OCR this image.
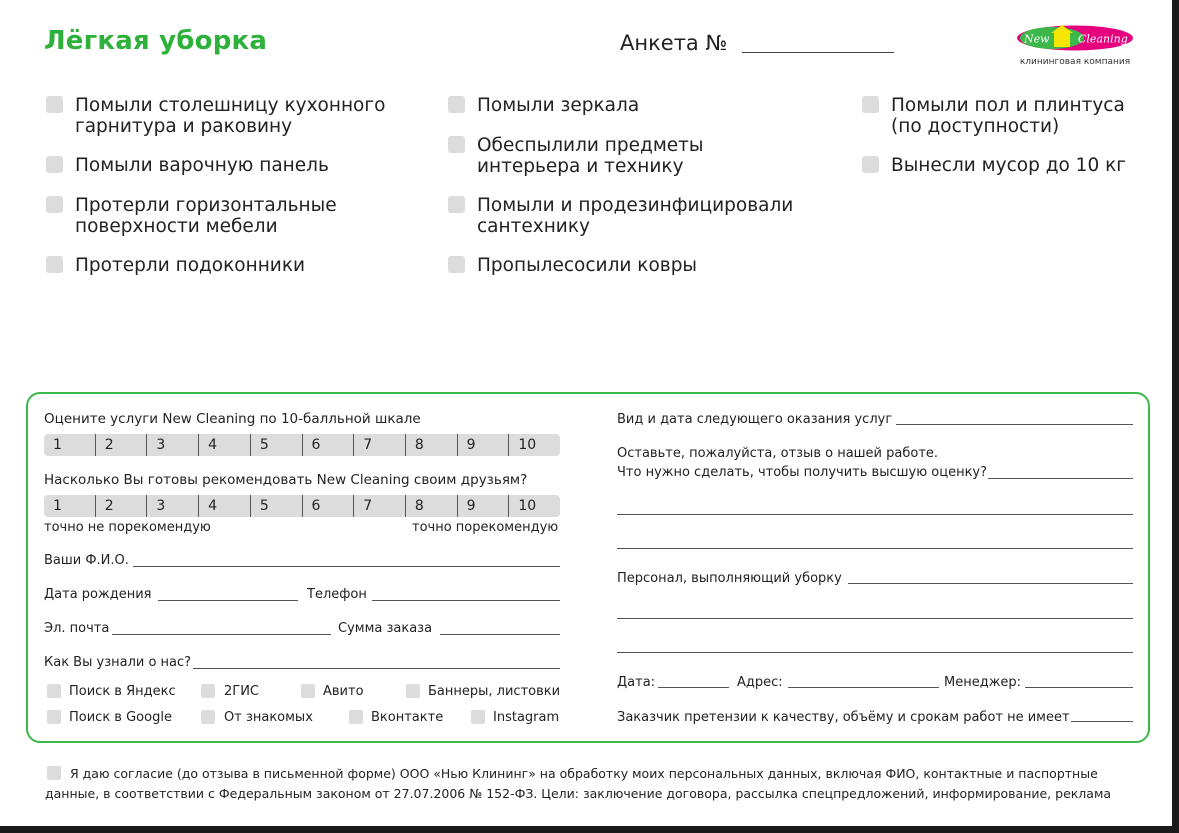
Лёгкая уборка	Анкета №	New	Cleaning
клининговая компания
Помыли столешницу кухонного
гарнитура и раковину
Помыли варочную панель
Протерли горизонтальные
поверхности мебели
Протерли подоконники
Помыли зеркала
Обеспылили предметы
интерьера и технику
Помыли и продезинфицировали
сантехнику
Пропылесосили ковры
Помыли пол и плинтуса
(по доступности)
Вынесли мусор до 10 кг
Оцените услуги New Cleaning по 10-балльной шкале
1	2	3	4	5	6	7	8	9	10
Насколько Вы готовы рекомендовать New Cleaning своим друзьям?
1	2	3	4	5	6	7	8	9	10
точно не порекомендую	точно порекомендую
Ваши Ф.И.О.
Дата рождения	Телефон
Эл. почта	Сумма заказа
Как Вы узнали о нас?
Поиск в Яндекс	2ГИС	Авито	Баннеры, листовки
Поиск в Google	От знакомых	Вконтакте	Instagram
Вид и дата следующего оказания услуг
Оставьте, пожалуйста, отзыв о нашей работе.
Что нужно сделать, чтобы получить высшую оценку?
Персонал, выполняющий уборку
Дата:	Адрес:	Менеджер:
Заказчик претензии к качеству, объёму и срокам работ не имеет
Я даю согласие (до отзыва в письменной форме) ООО «Нью Клининг» на обработку моих персональных данных, включая ФИО, контактные и паспортные
данные, в соответствии с Федеральным законом от 27.07.2006 № 152-ФЗ. Цели: заключение договора, рассылка спецпредложений, информирование, реклама
